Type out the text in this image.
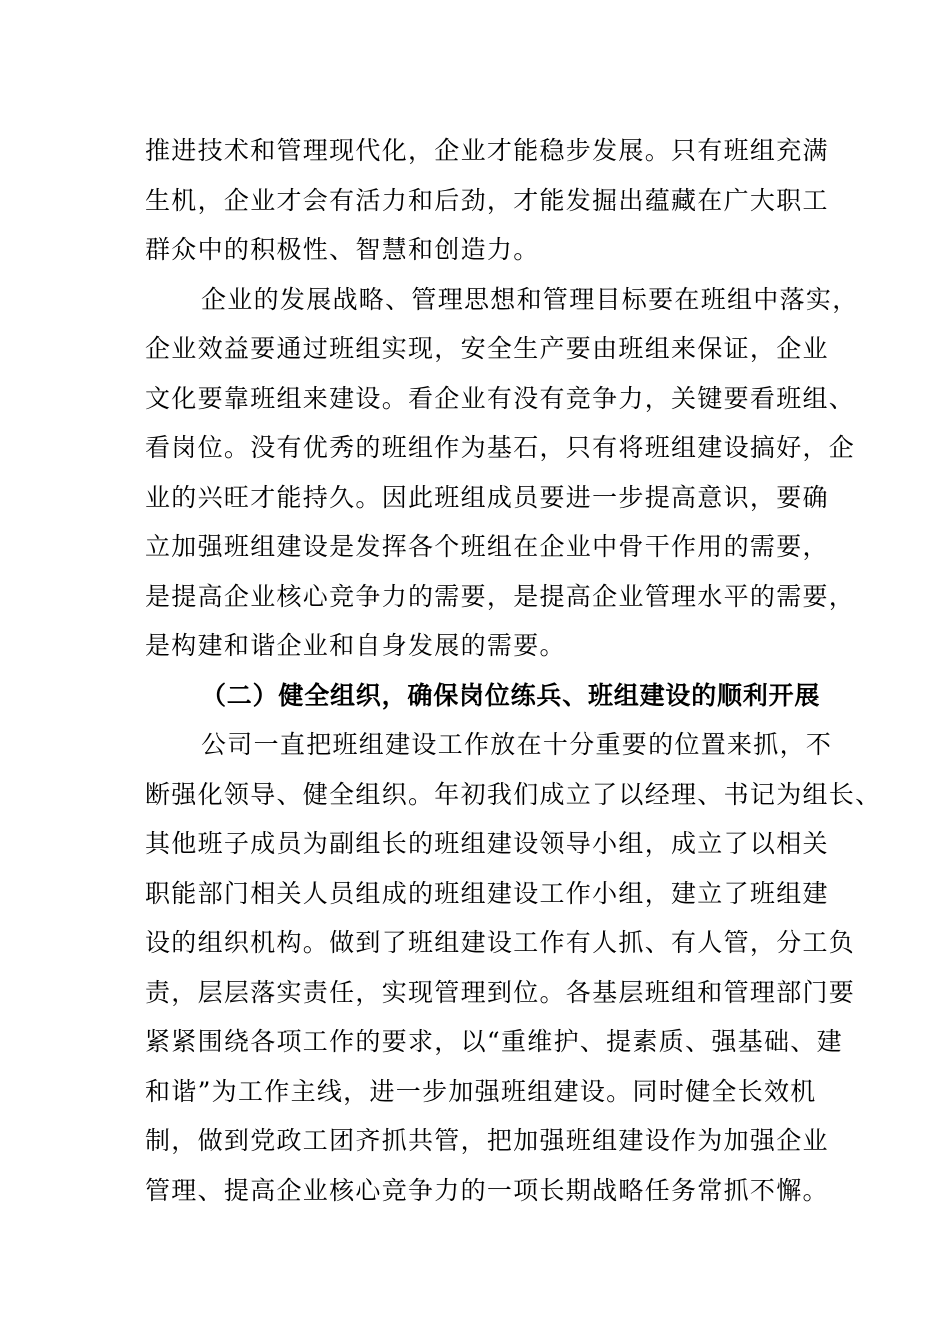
推进技术和管理现代化，企业才能稳步发展。只有班组充满
生机，企业才会有活力和后劲，才能发掘出蕴藏在广大职工
群众中的积极性、智慧和创造力。
企业的发展战略、管理思想和管理目标要在班组中落实，
企业效益要通过班组实现，安全生产要由班组来保证，企业
文化要靠班组来建设。看企业有没有竞争力，关键要看班组、
看岗位。没有优秀的班组作为基石，只有将班组建设搞好，企
业的兴旺才能持久。因此班组成员要进一步提高意识，要确
立加强班组建设是发挥各个班组在企业中骨干作用的需要，
是提高企业核心竞争力的需要，是提高企业管理水平的需要，
是构建和谐企业和自身发展的需要。
（二）健全组织，确保岗位练兵、班组建设的顺利开展
公司一直把班组建设工作放在十分重要的位置来抓，不
断强化领导、健全组织。年初我们成立了以经理、书记为组长、
其他班子成员为副组长的班组建设领导小组，成立了以相关
职能部门相关人员组成的班组建设工作小组，建立了班组建
设的组织机构。做到了班组建设工作有人抓、有人管，分工负
责，层层落实责任，实现管理到位。各基层班组和管理部门要
紧紧围绕各项工作的要求，以“重维护、提素质、强基础、建
和谐”为工作主线，进一步加强班组建设。同时健全长效机
制，做到党政工团齐抓共管，把加强班组建设作为加强企业
管理、提高企业核心竞争力的一项长期战略任务常抓不懈。
